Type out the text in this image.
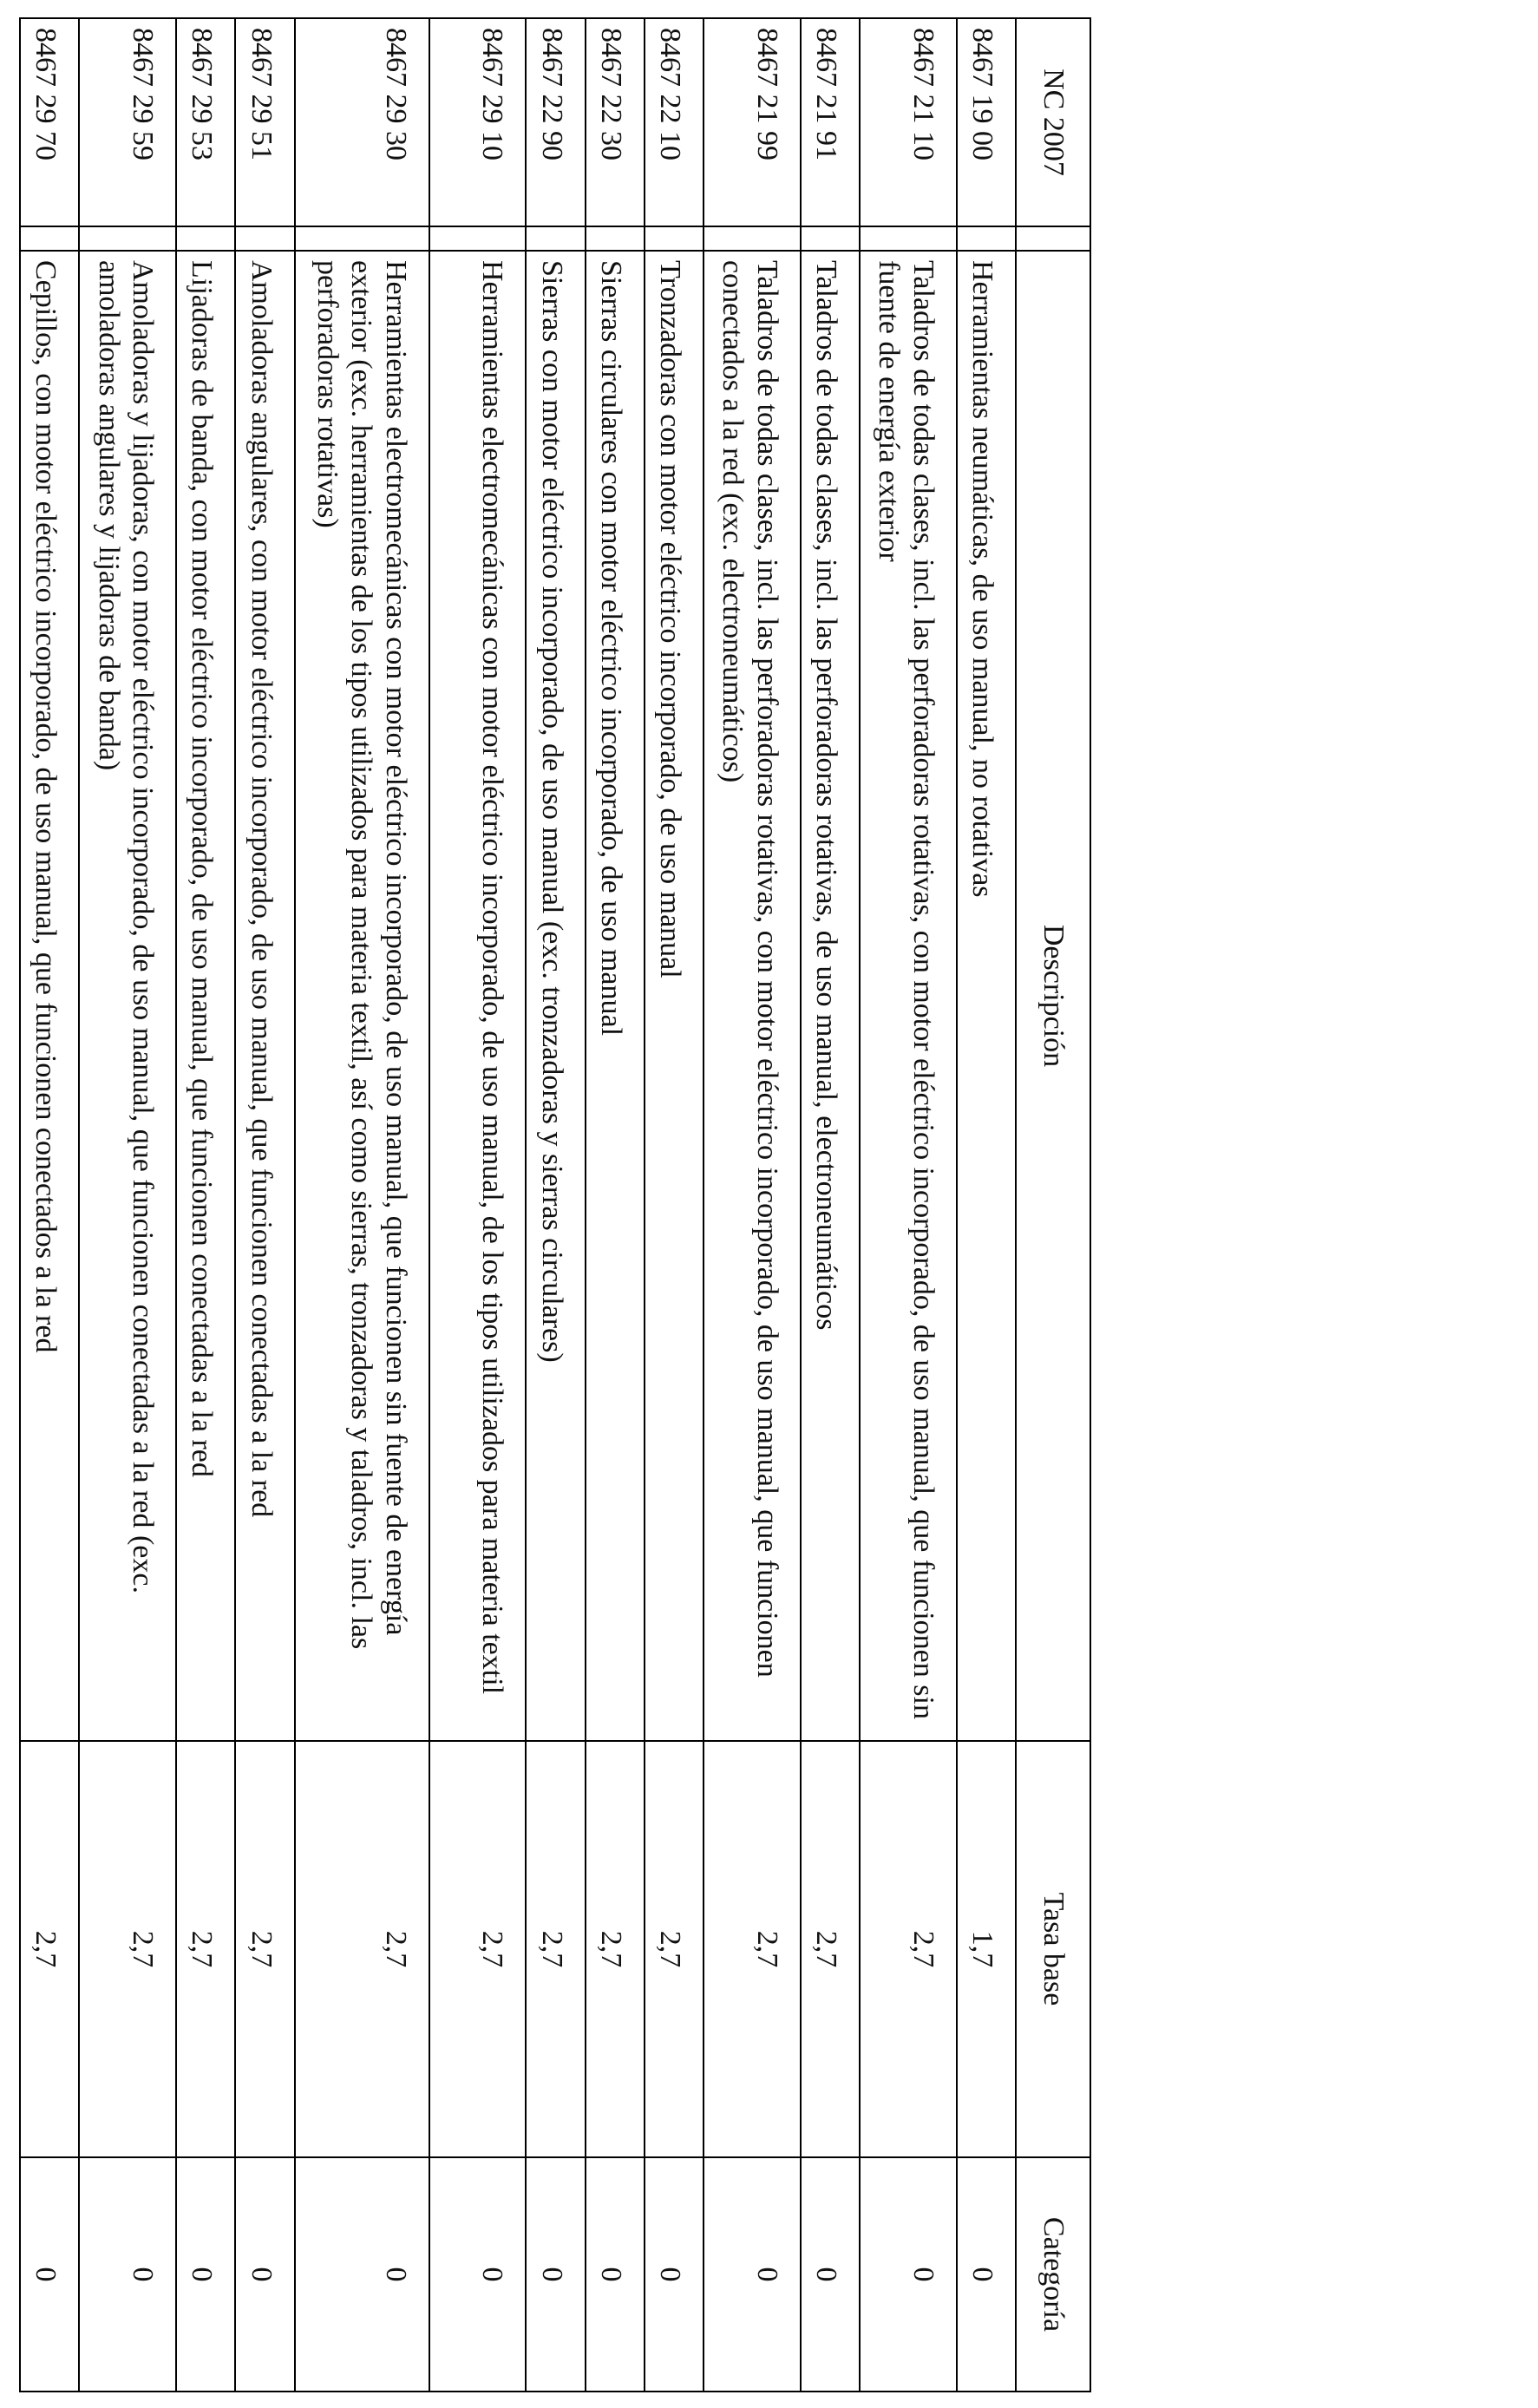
NC 2007		Descripción	Tasa base	Categoría
8467 19 00		Herramientas neumáticas, de uso manual, no rotativas	1,7	0
8467 21 10		Taladros de todas clases, incl. las perforadoras rotativas, con motor eléctrico incorporado, de uso manual, que funcionen sin fuente de energía exterior	2,7	0
8467 21 91		Taladros de todas clases, incl. las perforadoras rotativas, de uso manual, electroneumáticos	2,7	0
8467 21 99		Taladros de todas clases, incl. las perforadoras rotativas, con motor eléctrico incorporado, de uso manual, que funcionen conectados a la red (exc. electroneumáticos)	2,7	0
8467 22 10		Tronzadoras con motor eléctrico incorporado, de uso manual	2,7	0
8467 22 30		Sierras circulares con motor eléctrico incorporado, de uso manual	2,7	0
8467 22 90		Sierras con motor eléctrico incorporado, de uso manual (exc. tronzadoras y sierras circulares)	2,7	0
8467 29 10		Herramientas electromecánicas con motor eléctrico incorporado, de uso manual, de los tipos utilizados para materia textil	2,7	0
8467 29 30		Herramientas electromecánicas con motor eléctrico incorporado, de uso manual, que funcionen sin fuente de energía exterior (exc. herramientas de los tipos utilizados para materia textil, así como sierras, tronzadoras y taladros, incl. las perforadoras rotativas)	2,7	0
8467 29 51		Amoladoras angulares, con motor eléctrico incorporado, de uso manual, que funcionen conectadas a la red	2,7	0
8467 29 53		Lijadoras de banda, con motor eléctrico incorporado, de uso manual, que funcionen conectadas a la red	2,7	0
8467 29 59		Amoladoras y lijadoras, con motor eléctrico incorporado, de uso manual, que funcionen conectadas a la red (exc. amoladoras angulares y lijadoras de banda)	2,7	0
8467 29 70		Cepillos, con motor eléctrico incorporado, de uso manual, que funcionen conectados a la red	2,7	0
